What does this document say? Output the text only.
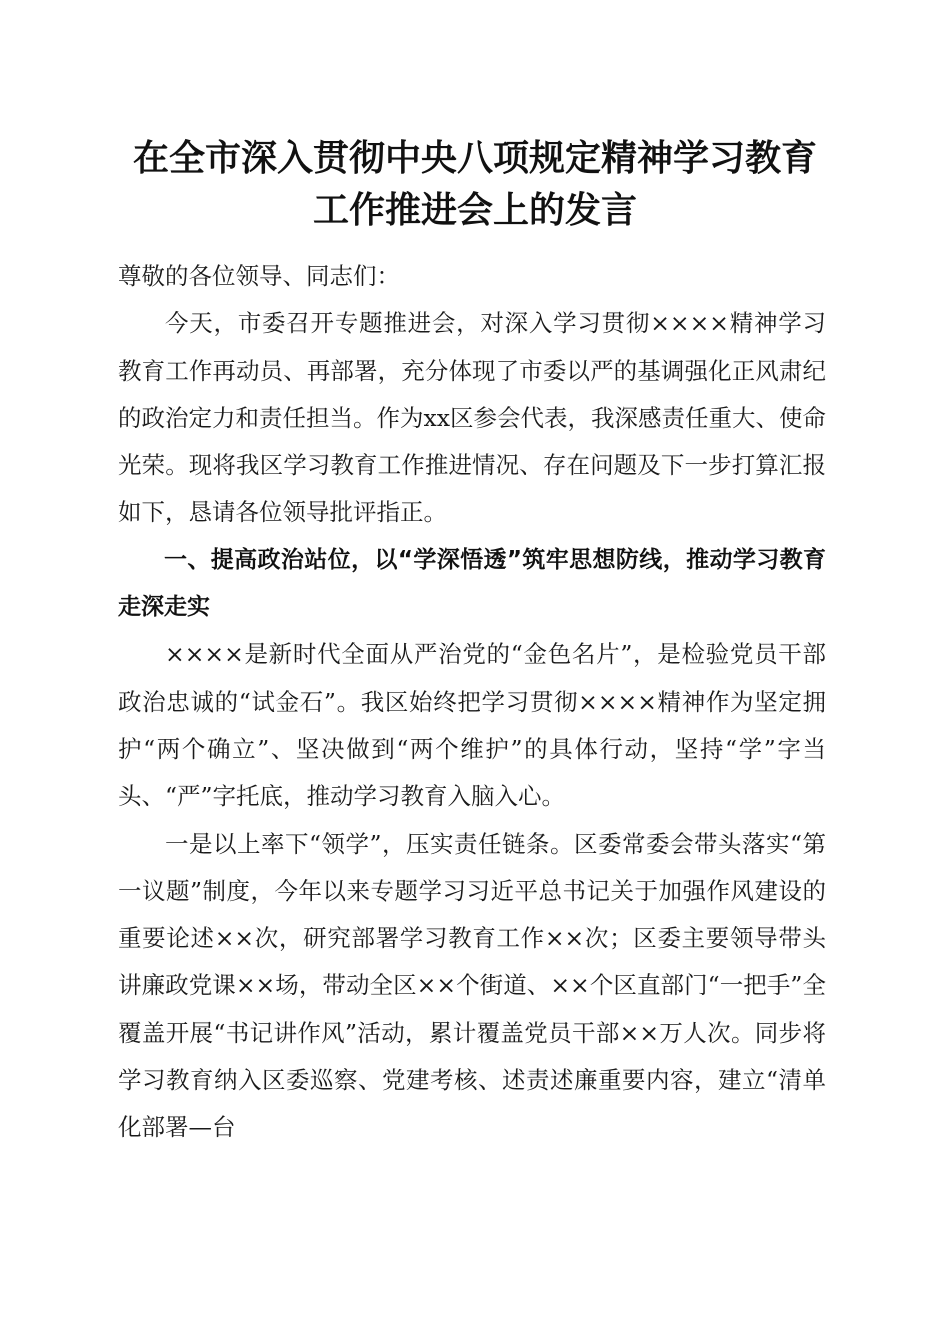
在全市深入贯彻中央八项规定精神学习教育工作推进会上的发言

尊敬的各位领导、同志们：

今天，市委召开专题推进会，对深入学习贯彻××××精神学习教育工作再动员、再部署，充分体现了市委以严的基调强化正风肃纪的政治定力和责任担当。作为xx区参会代表，我深感责任重大、使命光荣。现将我区学习教育工作推进情况、存在问题及下一步打算汇报如下，恳请各位领导批评指正。

一、提高政治站位，以“学深悟透”筑牢思想防线，推动学习教育走深走实

××××是新时代全面从严治党的“金色名片”，是检验党员干部政治忠诚的“试金石”。我区始终把学习贯彻××××精神作为坚定拥护“两个确立”、坚决做到“两个维护”的具体行动，坚持“学”字当头、“严”字托底，推动学习教育入脑入心。

一是以上率下“领学”，压实责任链条。区委常委会带头落实“第一议题”制度，今年以来专题学习习近平总书记关于加强作风建设的重要论述××次，研究部署学习教育工作××次；区委主要领导带头讲廉政党课××场，带动全区××个街道、××个区直部门“一把手”全覆盖开展“书记讲作风”活动，累计覆盖党员干部××万人次。同步将学习教育纳入区委巡察、党建考核、述责述廉重要内容，建立“清单化部署—台
